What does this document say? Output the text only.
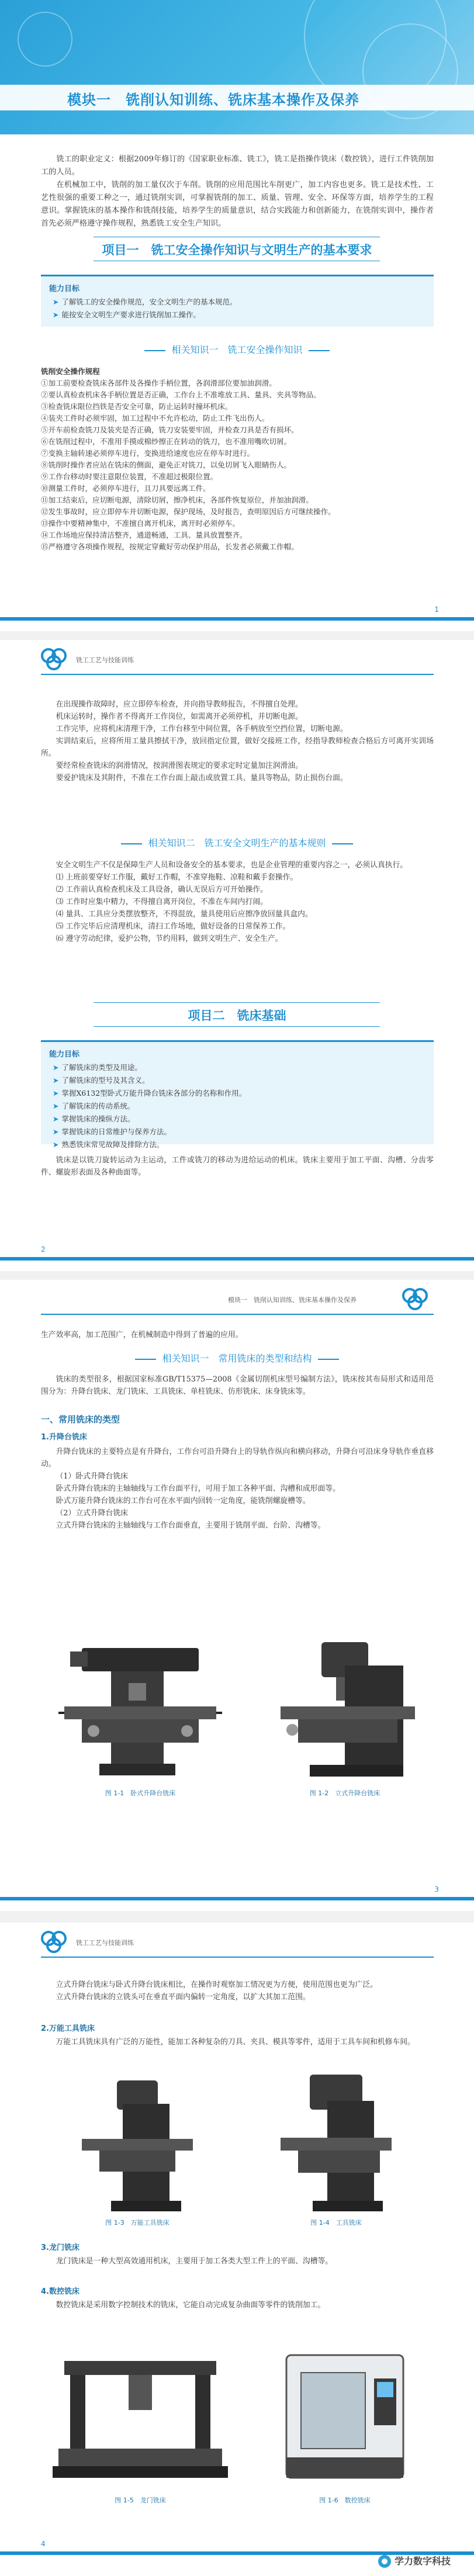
模块一　铣削认知训练、铣床基本操作及保养

铣工的职业定义：根据2009年修订的《国家职业标准、铣工》，铣工是指操作铣床（数控铣），进行工件铣削加工的人员。

在机械加工中，铣削的加工量仅次于车削。铣削的应用范围比车削更广，加工内容也更多。铣工是技术性、工艺性很强的重要工种之一，通过铣削实训，可掌握铣削的加工、质量、管理、安全、环保等方面，培养学生的工程意识。掌握铣床的基本操作和铣削技能，培养学生的质量意识，结合实践能力和创新能力，在铣削实训中，操作者首先必须严格遵守操作规程，熟悉铣工安全生产知识。

项目一　铣工安全操作知识与文明生产的基本要求
能力目标
➤ 了解铣工的安全操作规范，安全文明生产的基本规范。
➤ 能按安全文明生产要求进行铣削加工操作。
相关知识一　铣工安全操作知识
铣削安全操作规程
①加工前要检查铣床各部件及各操作手柄位置，各润滑部位要加油润滑。
②要认真检查机床各手柄位置是否正确，工作台上不准堆放工具、量具、夹具等物品。
③检查铣床限位挡铁是否安全可靠，防止运转时撞坏机床。
④装夹工件时必须牢固，加工过程中不允许松动，防止工件飞出伤人。
⑤开车前检查铣刀及装夹是否正确，铣刀安装要牢固，并检查刀具是否有损坏。
⑥在铣削过程中，不准用手摸或棉纱擦正在转动的铣刀，也不准用嘴吹切屑。
⑦变换主轴转速必须停车进行，变换进给速度也应在停车时进行。
⑧铣削时操作者应站在铣床的侧面，避免正对铣刀，以免切屑飞入眼睛伤人。
⑨工作台移动时要注意限位装置，不准超过极限位置。
⑩测量工件时，必须停车进行，且刀具要远离工件。
⑪加工结束后，应切断电源，清除切屑，擦净机床，各部件恢复原位，并加油润滑。
⑫发生事故时，应立即停车并切断电源，保护现场，及时报告，查明原因后方可继续操作。
⑬操作中要精神集中，不准擅自离开机床，离开时必须停车。
⑭工作场地应保持清洁整齐，通道畅通，工具、量具放置整齐。
⑮严格遵守各项操作规程，按规定穿戴好劳动保护用品，长发者必须戴工作帽。
1
铣工工艺与技能训练

在出现操作故障时，应立即停车检查，并向指导教师报告，不得擅自处理。

机床运转时，操作者不得离开工作岗位，如需离开必须停机，并切断电源。

工作完毕，应将机床清理干净，工作台移至中间位置，各手柄放至空挡位置，切断电源。

实训结束后，应将所用工量具擦拭干净，放回指定位置，做好交接班工作，经指导教师检查合格后方可离开实训场所。

要经常检查铣床的润滑情况，按润滑图表规定的要求定时定量加注润滑油。

要爱护铣床及其附件，不准在工作台面上敲击或放置工具、量具等物品，防止损伤台面。

相关知识二　铣工安全文明生产的基本规则

安全文明生产不仅是保障生产人员和设备安全的基本要求，也是企业管理的重要内容之一，必须认真执行。

⑴ 上班前要穿好工作服，戴好工作帽，不准穿拖鞋、凉鞋和戴手套操作。

⑵ 工作前认真检查机床及工具设备，确认无误后方可开始操作。

⑶ 工作时应集中精力，不得擅自离开岗位，不准在车间内打闹。

⑷ 量具、工具应分类摆放整齐，不得混放，量具使用后应擦净放回量具盒内。

⑸ 工作完毕后应清理机床，清扫工作场地，做好设备的日常保养工作。

⑹ 遵守劳动纪律，爱护公物，节约用料，做到文明生产、安全生产。

项目二　铣床基础
能力目标
➤ 了解铣床的类型及用途。
➤ 了解铣床的型号及其含义。
➤ 掌握X6132型卧式万能升降台铣床各部分的名称和作用。
➤ 了解铣床的传动系统。
➤ 掌握铣床的操纵方法。
➤ 掌握铣床的日常维护与保养方法。
➤ 熟悉铣床常见故障及排除方法。

铣床是以铣刀旋转运动为主运动，工件或铣刀的移动为进给运动的机床。铣床主要用于加工平面、沟槽、分齿零件、螺旋形表面及各种曲面等。

2
模块一　铣削认知训练、铣床基本操作及保养

生产效率高，加工范围广，在机械制造中得到了普遍的应用。

相关知识一　常用铣床的类型和结构

铣床的类型很多，根据国家标准GB/T15375—2008《金属切削机床型号编制方法》，铣床按其布局形式和适用范围分为：升降台铣床、龙门铣床、工具铣床、单柱铣床、仿形铣床、床身铣床等。

一、常用铣床的类型
1.升降台铣床

升降台铣床的主要特点是有升降台，工作台可沿升降台上的导轨作纵向和横向移动，升降台可沿床身导轨作垂直移动。

（1）卧式升降台铣床

卧式升降台铣床的主轴轴线与工作台面平行，可用于加工各种平面、沟槽和成形面等。

卧式万能升降台铣床的工作台可在水平面内回转一定角度，能铣削螺旋槽等。

（2）立式升降台铣床

立式升降台铣床的主轴轴线与工作台面垂直，主要用于铣削平面、台阶、沟槽等。

图 1-1　卧式升降台铣床	图 1-2　立式升降台铣床
3
铣工工艺与技能训练

立式升降台铣床与卧式升降台铣床相比，在操作时观察加工情况更为方便，使用范围也更为广泛。

立式升降台铣床的立铣头可在垂直平面内偏转一定角度，以扩大其加工范围。

2.万能工具铣床

万能工具铣床具有广泛的万能性，能加工各种复杂的刀具、夹具、模具等零件，适用于工具车间和机修车间。

图 1-3　万能工具铣床	图 1-4　工具铣床
3.龙门铣床

龙门铣床是一种大型高效通用机床，主要用于加工各类大型工件上的平面、沟槽等。

4.数控铣床

数控铣床是采用数字控制技术的铣床，它能自动完成复杂曲面等零件的铣削加工。

图 1-5　龙门铣床	图 1-6　数控铣床
4
学力数字科技
